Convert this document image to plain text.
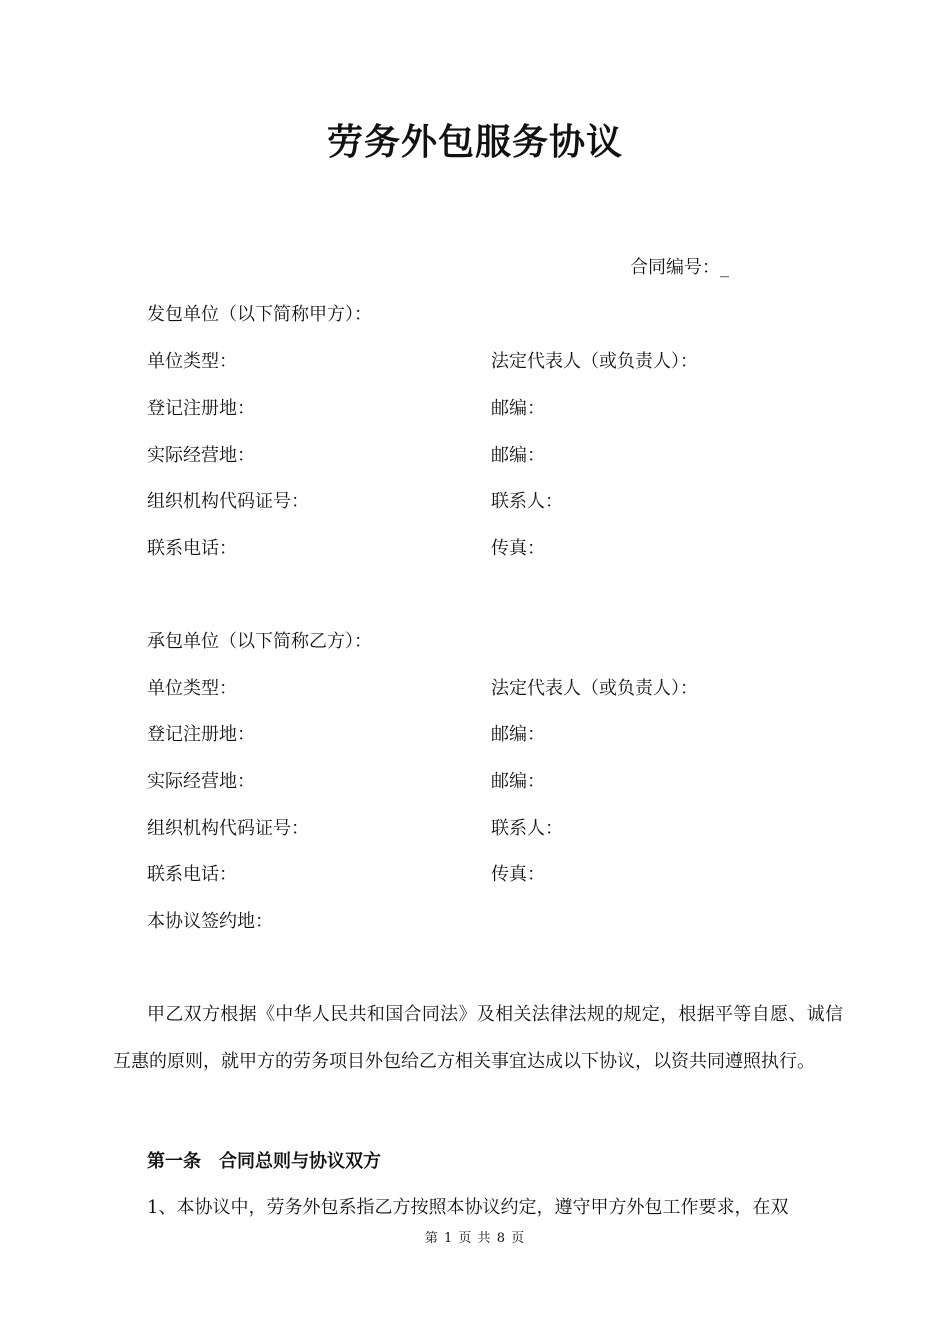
劳务外包服务协议
合同编号：_
发包单位（以下简称甲方）：
单位类型：	法定代表人（或负责人）：
登记注册地：	邮编：
实际经营地：	邮编：
组织机构代码证号：	联系人：
联系电话：	传真：
承包单位（以下简称乙方）：
单位类型：	法定代表人（或负责人）：
登记注册地：	邮编：
实际经营地：	邮编：
组织机构代码证号：	联系人：
联系电话：	传真：
本协议签约地：
甲乙双方根据《中华人民共和国合同法》及相关法律法规的规定，根据平等自愿、诚信互惠的原则，就甲方的劳务项目外包给乙方相关事宜达成以下协议，以资共同遵照执行。
第一条　合同总则与协议双方
1、本协议中，劳务外包系指乙方按照本协议约定，遵守甲方外包工作要求，在双
第 1 页 共 8 页
